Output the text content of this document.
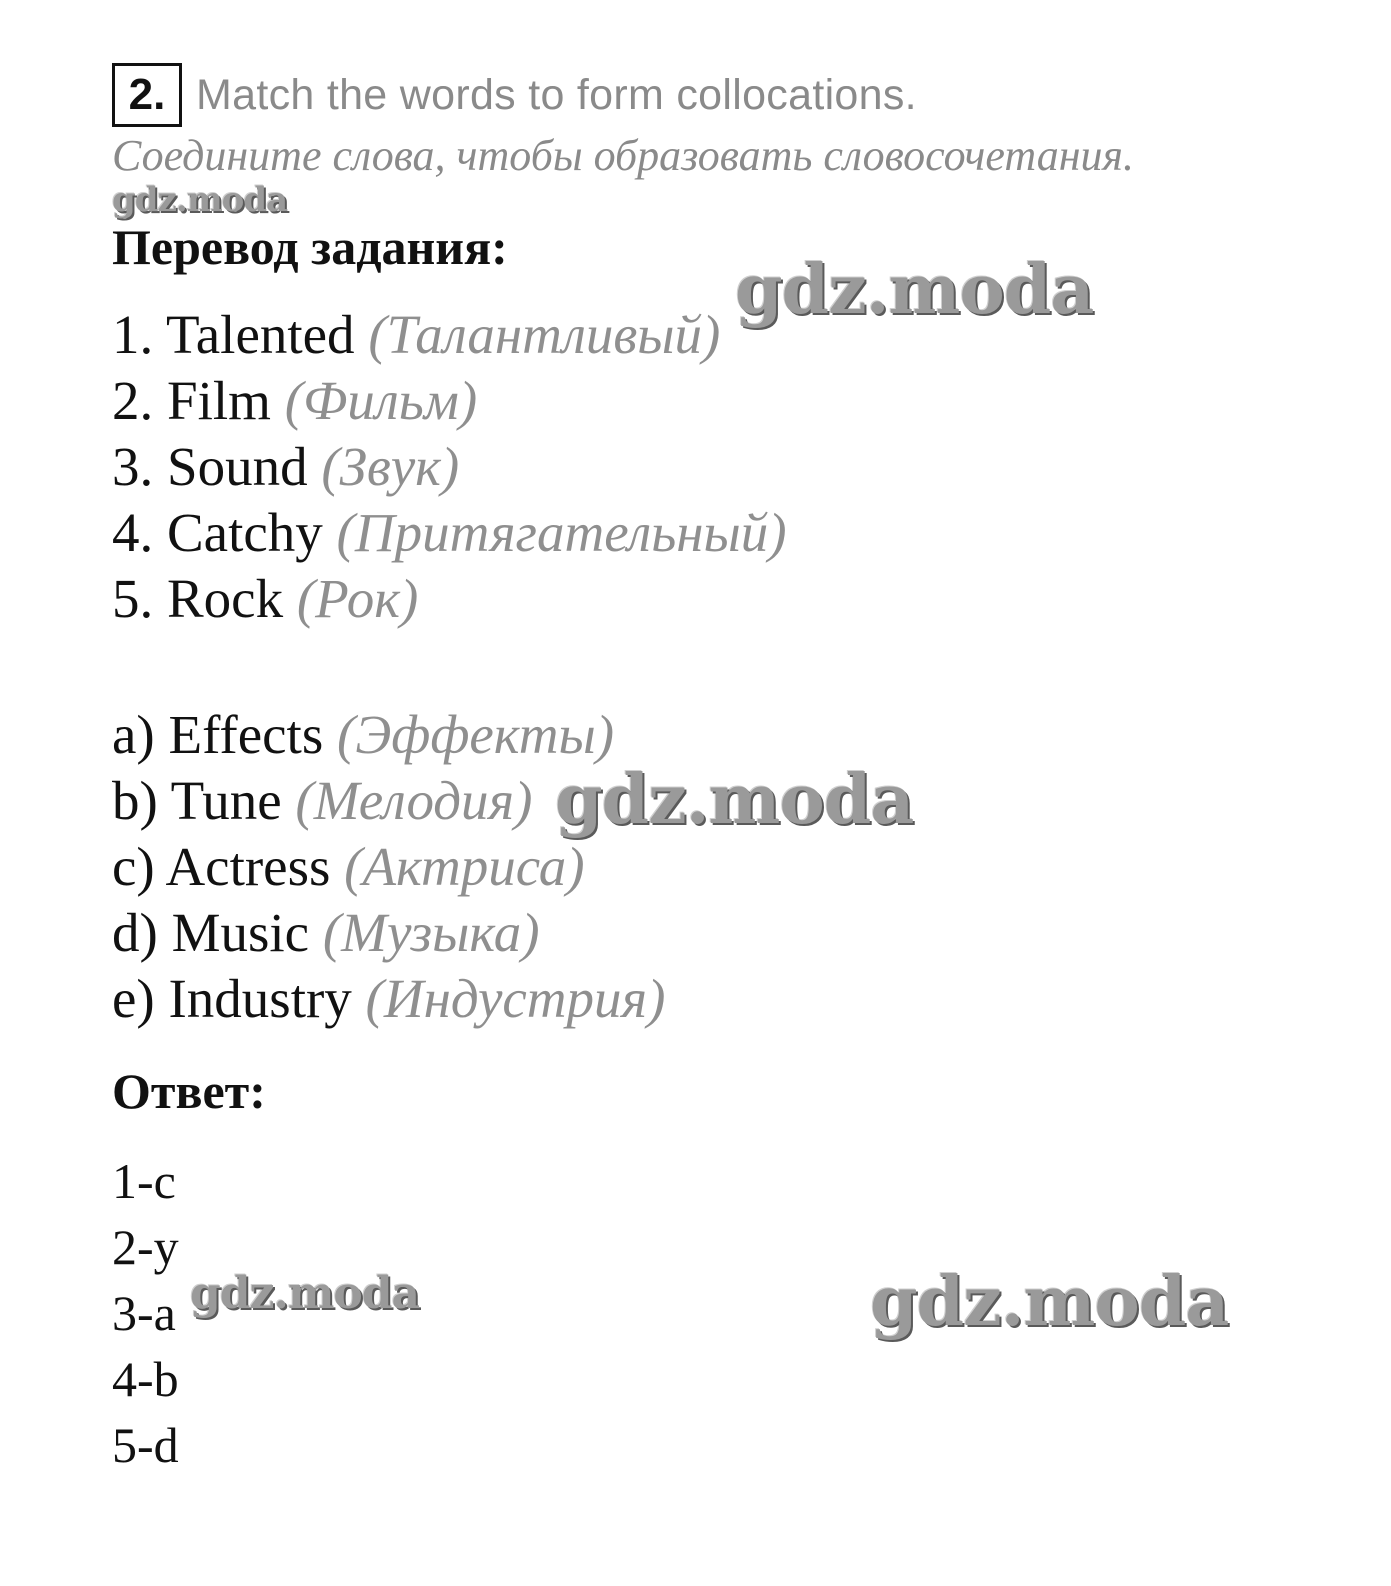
2. Match the words to form collocations.
Соедините слова, чтобы образовать словосочетания.
Перевод задания:
1. Talented (Талантливый)
2. Film (Фильм)
3. Sound (Звук)
4. Catchy (Притягательный)
5. Rock (Рок)
a) Effects (Эффекты)
b) Tune (Мелодия)
c) Actress (Актриса)
d) Music (Музыка)
e) Industry (Индустрия)
Ответ:
1-c
2-y
3-a
4-b
5-d
gdz.moda
gdz.moda
gdz.moda
gdz.moda	gdz.moda
